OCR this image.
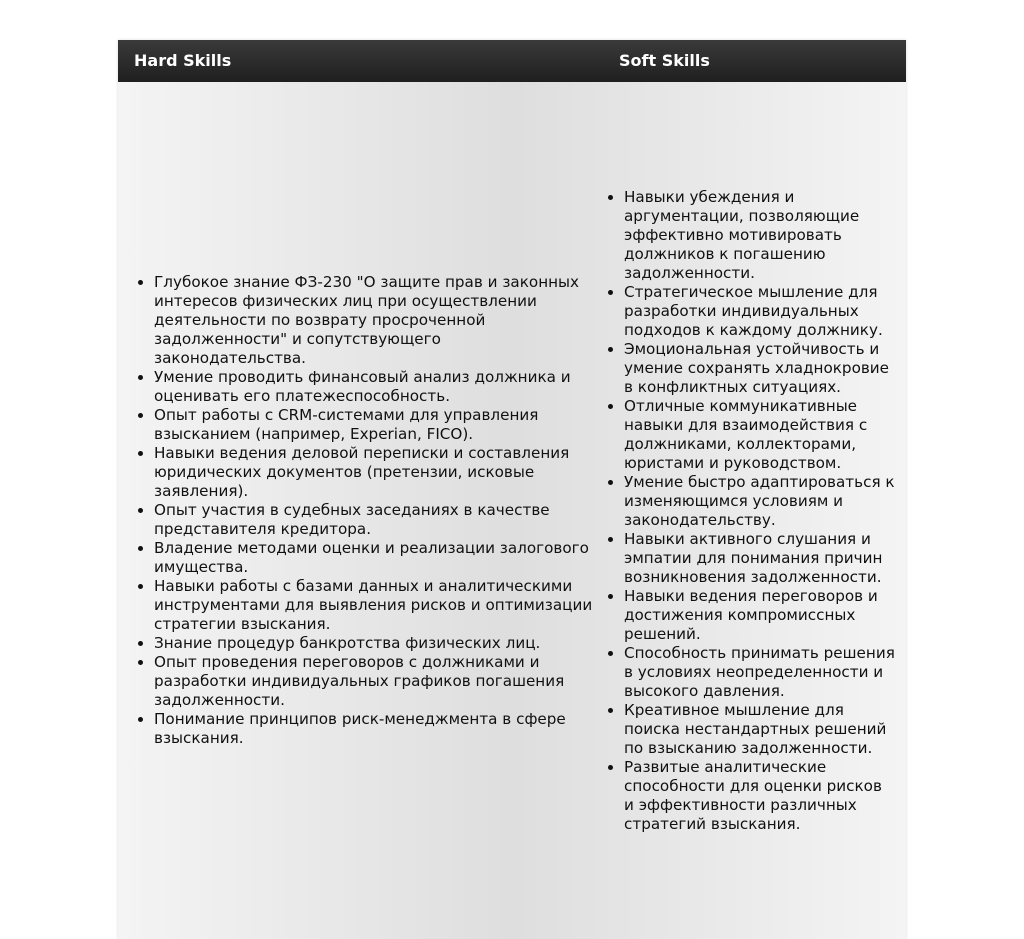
Hard Skills	Soft Skills
• Глубокое знание ФЗ-230 "О защите прав и законных интересов физических лиц при осуществлении деятельности по возврату просроченной задолженности" и сопутствующего законодательства.
• Умение проводить финансовый анализ должника и оценивать его платежеспособность.
• Опыт работы с CRM-системами для управления взысканием (например, Experian, FICO).
• Навыки ведения деловой переписки и составления юридических документов (претензии, исковые заявления).
• Опыт участия в судебных заседаниях в качестве представителя кредитора.
• Владение методами оценки и реализации залогового имущества.
• Навыки работы с базами данных и аналитическими инструментами для выявления рисков и оптимизации стратегии взыскания.
• Знание процедур банкротства физических лиц.
• Опыт проведения переговоров с должниками и разработки индивидуальных графиков погашения задолженности.
• Понимание принципов риск-менеджмента в сфере взыскания.
• Навыки убеждения и аргументации, позволяющие эффективно мотивировать должников к погашению задолженности.
• Стратегическое мышление для разработки индивидуальных подходов к каждому должнику.
• Эмоциональная устойчивость и умение сохранять хладнокровие в конфликтных ситуациях.
• Отличные коммуникативные навыки для взаимодействия с должниками, коллекторами, юристами и руководством.
• Умение быстро адаптироваться к изменяющимся условиям и законодательству.
• Навыки активного слушания и эмпатии для понимания причин возникновения задолженности.
• Навыки ведения переговоров и достижения компромиссных решений.
• Способность принимать решения в условиях неопределенности и высокого давления.
• Креативное мышление для поиска нестандартных решений по взысканию задолженности.
• Развитые аналитические способности для оценки рисков и эффективности различных стратегий взыскания.
